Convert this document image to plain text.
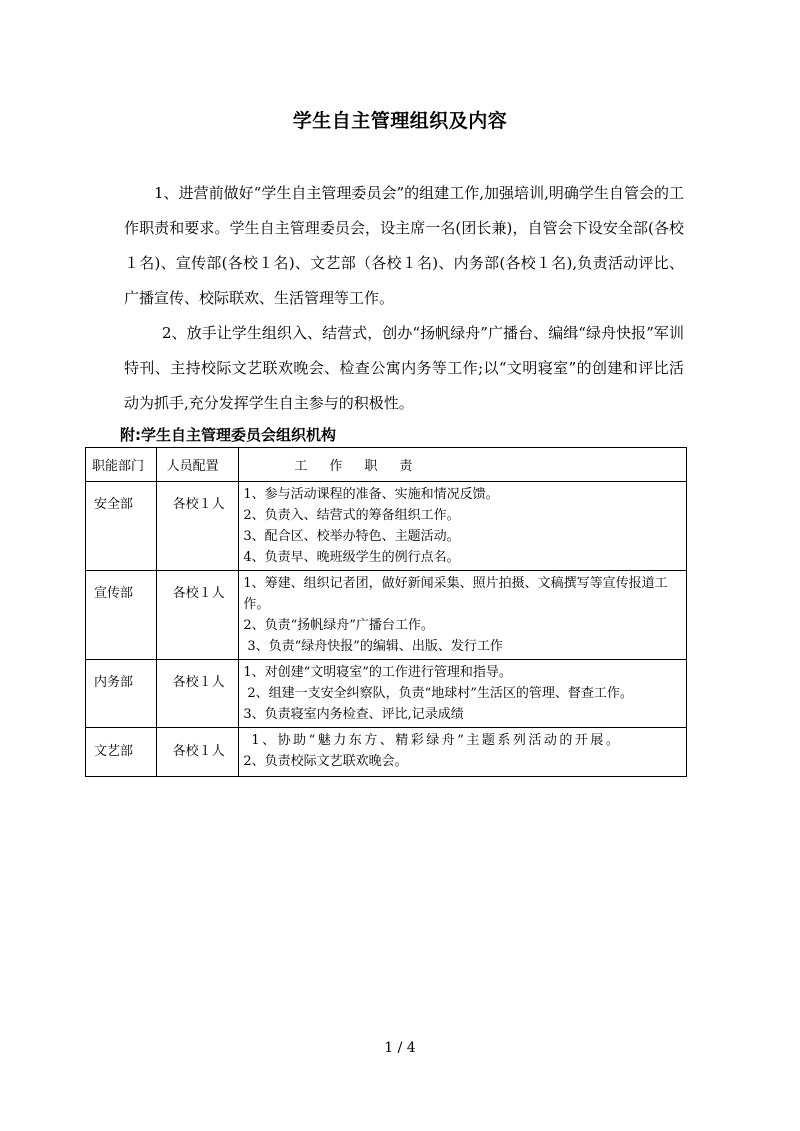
学生自主管理组织及内容

1、进营前做好“学生自主管理委员会”的组建工作,加强培训,明确学生自管会的工作职责和要求。学生自主管理委员会，设主席一名(团长兼)，自管会下设安全部(各校１名)、宣传部(各校１名)、文艺部（各校１名)、内务部(各校１名),负责活动评比、广播宣传、校际联欢、生活管理等工作。

2、放手让学生组织入、结营式，创办“扬帆绿舟”广播台、编缉“绿舟快报”军训特刊、主持校际文艺联欢晚会、检查公寓内务等工作;以“文明寝室”的创建和评比活动为抓手,充分发挥学生自主参与的积极性。

附:学生自主管理委员会组织机构
职能部门	人员配置	工作职责
安全部	各校１人	1、参与活动课程的准备、实施和情况反馈。
2、负责入、结营式的筹备组织工作。
3、配合区、校举办特色、主题活动。
4、负责早、晚班级学生的例行点名。

宣传部	各校１人	1、筹建、组织记者团，做好新闻采集、照片拍摄、文稿撰写等宣传报道工作。
2、负责“扬帆绿舟”广播台工作。
3、负责“绿舟快报”的编辑、出版、发行工作

内务部	各校１人	1、对创建“文明寝室”的工作进行管理和指导。
2、组建一支安全纠察队，负责“地球村”生活区的管理、督查工作。
3、负责寝室内务检查、评比,记录成绩

文艺部	各校１人	1、协助“魅力东方、精彩绿舟”主题系列活动的开展。
2、负责校际文艺联欢晚会。
1 / 4
